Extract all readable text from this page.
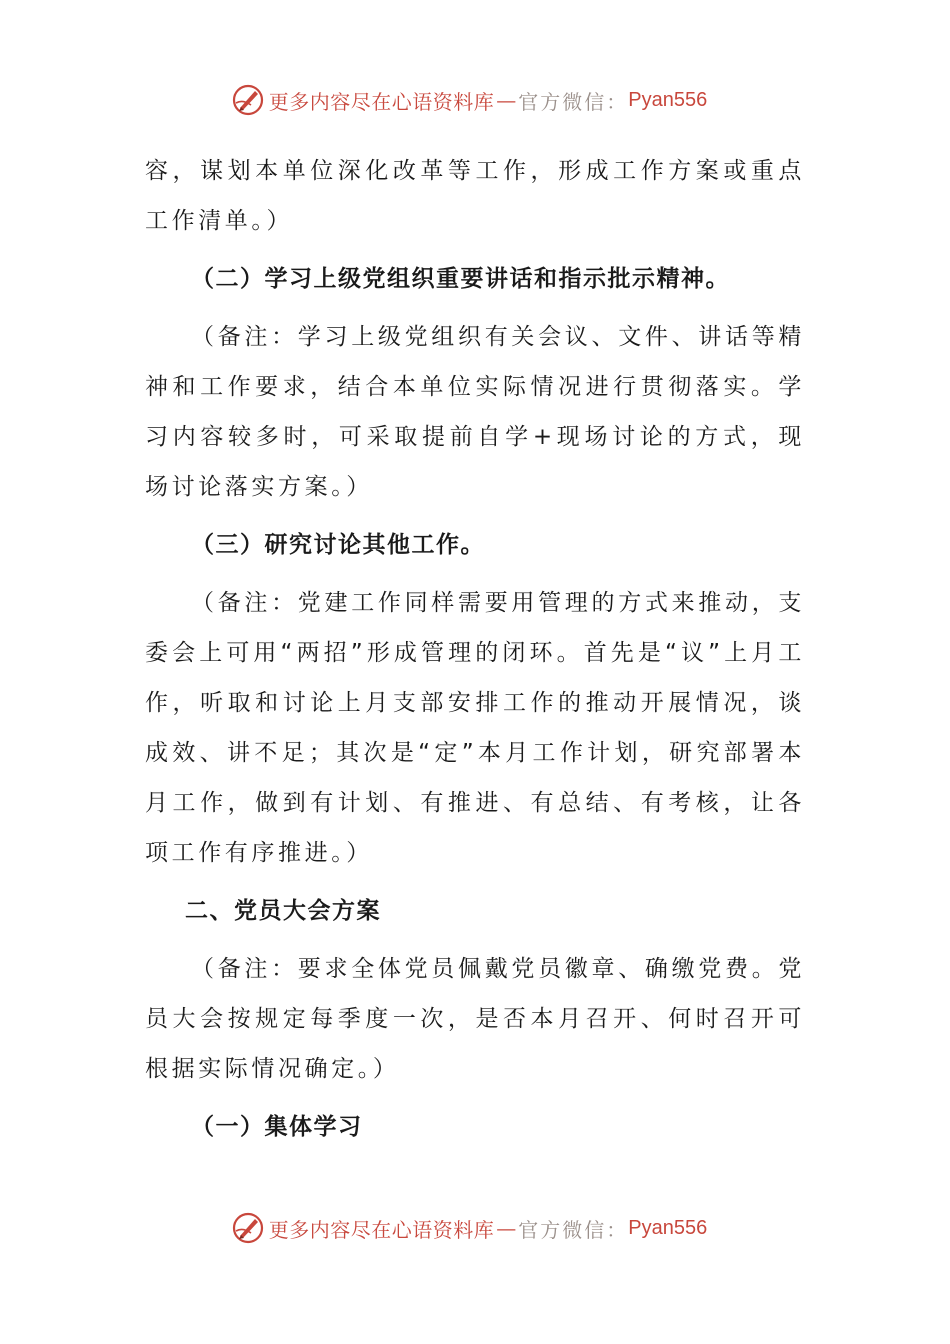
更多内容尽在心语资料库 — 官方微信： Pyan556

容，谋划本单位深化改革等工作，形成工作方案或重点工作清单。）

（二）学习上级党组织重要讲话和指示批示精神。

（备注：学习上级党组织有关会议、文件、讲话等精神和工作要求，结合本单位实际情况进行贯彻落实。学习内容较多时，可采取提前自学+现场讨论的方式，现场讨论落实方案。）

（三）研究讨论其他工作。

（备注：党建工作同样需要用管理的方式来推动，支委会上可用“两招”形成管理的闭环。首先是“议”上月工作，听取和讨论上月支部安排工作的推动开展情况，谈成效、讲不足；其次是“定”本月工作计划，研究部署本月工作，做到有计划、有推进、有总结、有考核，让各项工作有序推进。）

二、党员大会方案

（备注：要求全体党员佩戴党员徽章、确缴党费。党员大会按规定每季度一次，是否本月召开、何时召开可根据实际情况确定。）

（一）集体学习

更多内容尽在心语资料库 — 官方微信： Pyan556
